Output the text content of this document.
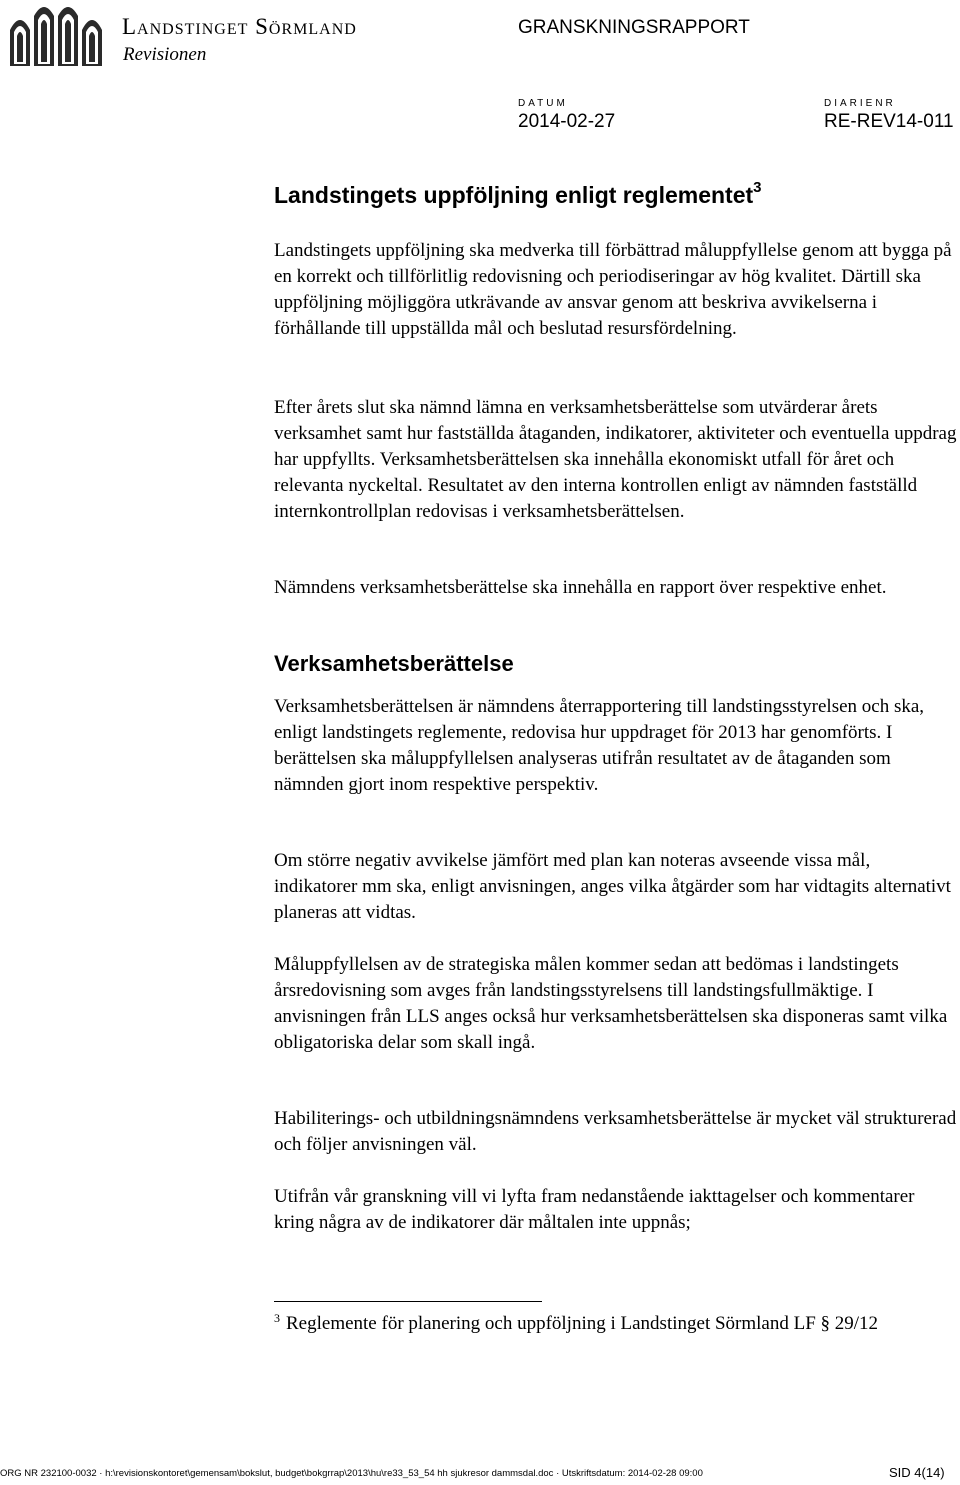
Landstinget Sörmland
Revisionen
GRANSKNINGSRAPPORT
DATUM
2014-02-27
DIARIENR
RE-REV14-011
Landstingets uppföljning enligt reglementet$^3$

Landstingets uppföljning ska medverka till förbättrad måluppfyllelse genom att bygga på en korrekt och tillförlitlig redovisning och periodiseringar av hög kvalitet. Därtill ska uppföljning möjliggöra utkrävande av ansvar genom att beskriva avvikelserna i förhållande till uppställda mål och beslutad resursfördelning.

Efter årets slut ska nämnd lämna en verksamhetsberättelse som utvärderar årets verksamhet samt hur fastställda åtaganden, indikatorer, aktiviteter och eventuella uppdrag har uppfyllts. Verksamhetsberättelsen ska innehålla ekonomiskt utfall för året och relevanta nyckeltal. Resultatet av den interna kontrollen enligt av nämnden fastställd internkontrollplan redovisas i verksamhetsberättelsen.

Nämndens verksamhetsberättelse ska innehålla en rapport över respektive enhet.

Verksamhetsberättelse

Verksamhetsberättelsen är nämndens återrapportering till landstingsstyrelsen och ska, enligt landstingets reglemente, redovisa hur uppdraget för 2013 har genomförts. I berättelsen ska måluppfyllelsen analyseras utifrån resultatet av de åtaganden som nämnden gjort inom respektive perspektiv.

Om större negativ avvikelse jämfört med plan kan noteras avseende vissa mål, indikatorer mm ska, enligt anvisningen, anges vilka åtgärder som har vidtagits alternativt planeras att vidtas.

Måluppfyllelsen av de strategiska målen kommer sedan att bedömas i landstingets årsredovisning som avges från landstingsstyrelsens till landstingsfullmäktige. I anvisningen från LLS anges också hur verksamhetsberättelsen ska disponeras samt vilka obligatoriska delar som skall ingå.

Habiliterings- och utbildningsnämndens verksamhetsberättelse är mycket väl strukturerad och följer anvisningen väl.

Utifrån vår granskning vill vi lyfta fram nedanstående iakttagelser och kommentarer kring några av de indikatorer där måltalen inte uppnås;

$^3$ Reglemente för planering och uppföljning i Landstinget Sörmland LF § 29/12
ORG NR 232100-0032 · h:\revisionskontoret\gemensam\bokslut, budget\bokgrrap\2013\hu\re33_53_54 hh sjukresor dammsdal.doc · Utskriftsdatum: 2014-02-28 09:00	SID 4(14)
